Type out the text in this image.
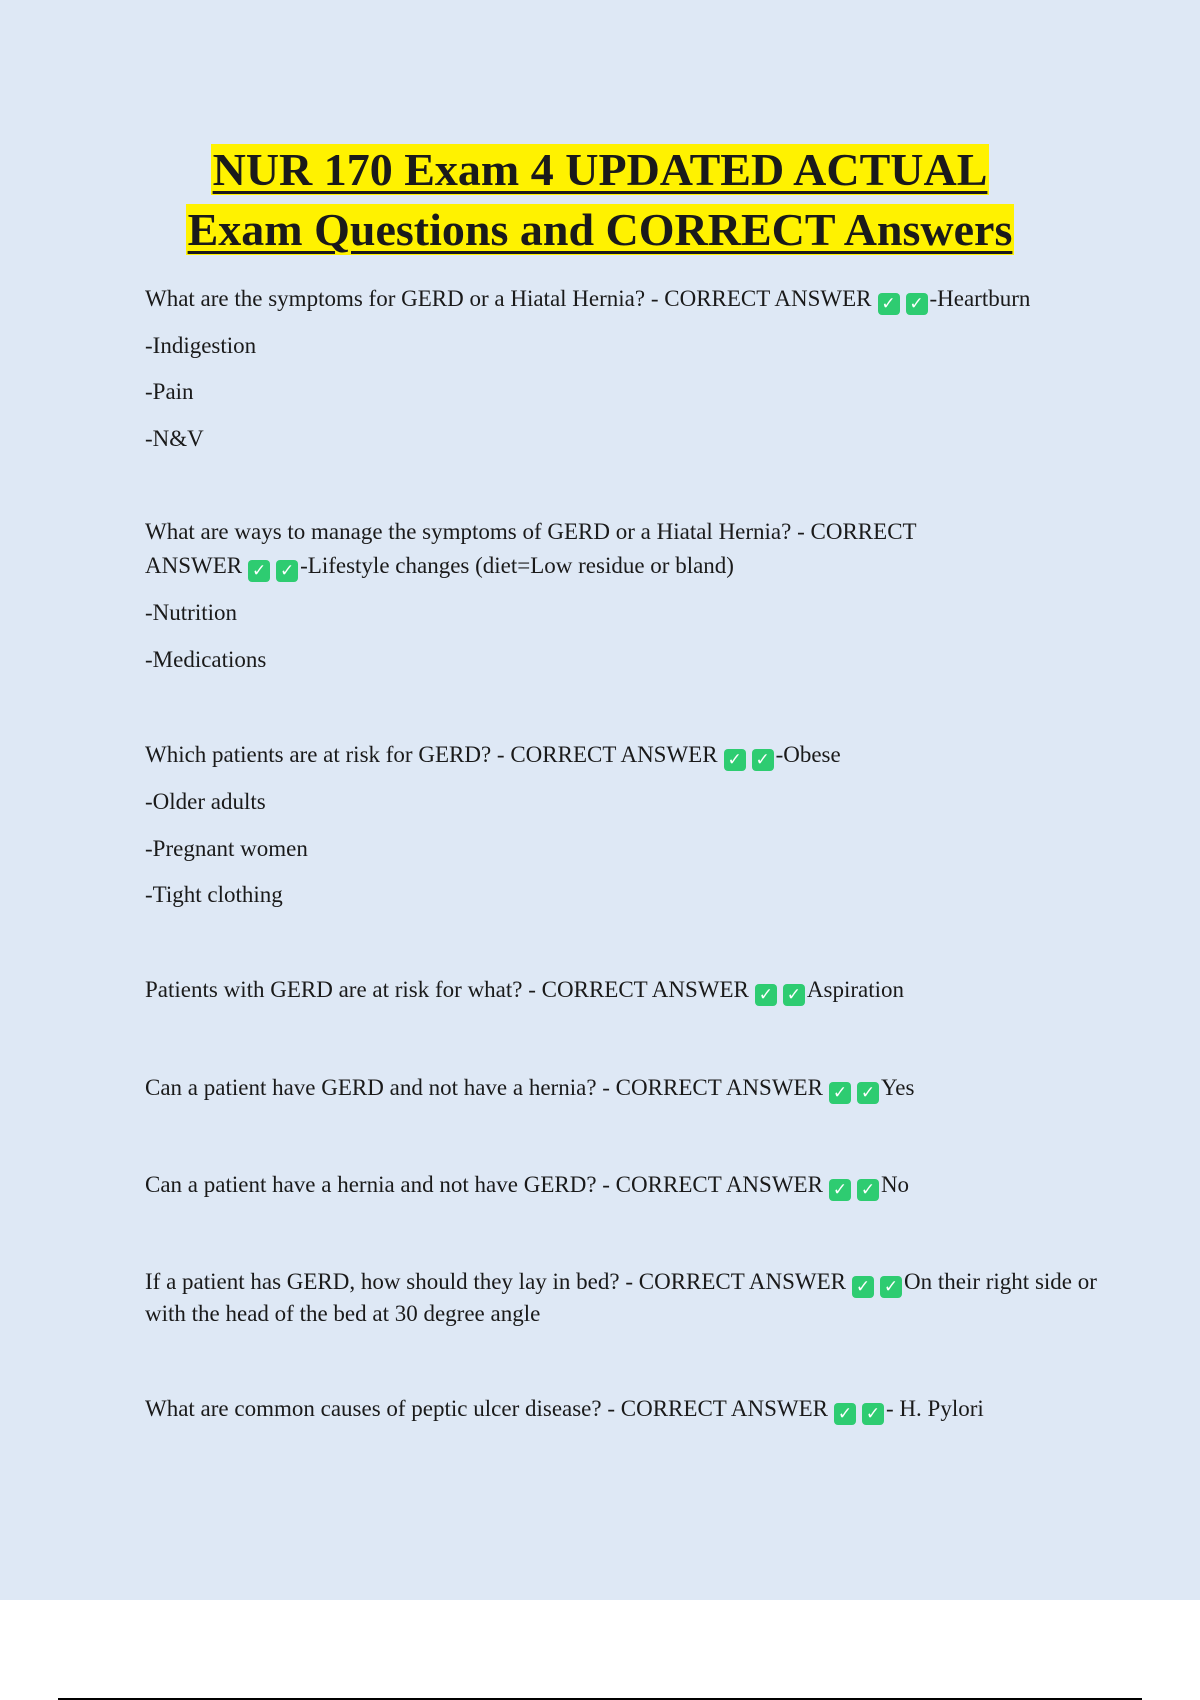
NUR 170 Exam 4 UPDATED ACTUAL
Exam Questions and CORRECT Answers
What are the symptoms for GERD or a Hiatal Hernia? - CORRECT ANSWER ✓ ✓ -Heartburn
-Indigestion
-Pain
-N&V
What are ways to manage the symptoms of GERD or a Hiatal Hernia? - CORRECT ANSWER ✓ ✓ -Lifestyle changes (diet=Low residue or bland)
-Nutrition
-Medications
Which patients are at risk for GERD? - CORRECT ANSWER ✓ ✓ -Obese
-Older adults
-Pregnant women
-Tight clothing
Patients with GERD are at risk for what? - CORRECT ANSWER ✓ ✓ Aspiration
Can a patient have GERD and not have a hernia? - CORRECT ANSWER ✓ ✓ Yes
Can a patient have a hernia and not have GERD? - CORRECT ANSWER ✓ ✓ No
If a patient has GERD, how should they lay in bed? - CORRECT ANSWER ✓ ✓ On their right side or with the head of the bed at 30 degree angle
What are common causes of peptic ulcer disease? - CORRECT ANSWER ✓ ✓ - H. Pylori
